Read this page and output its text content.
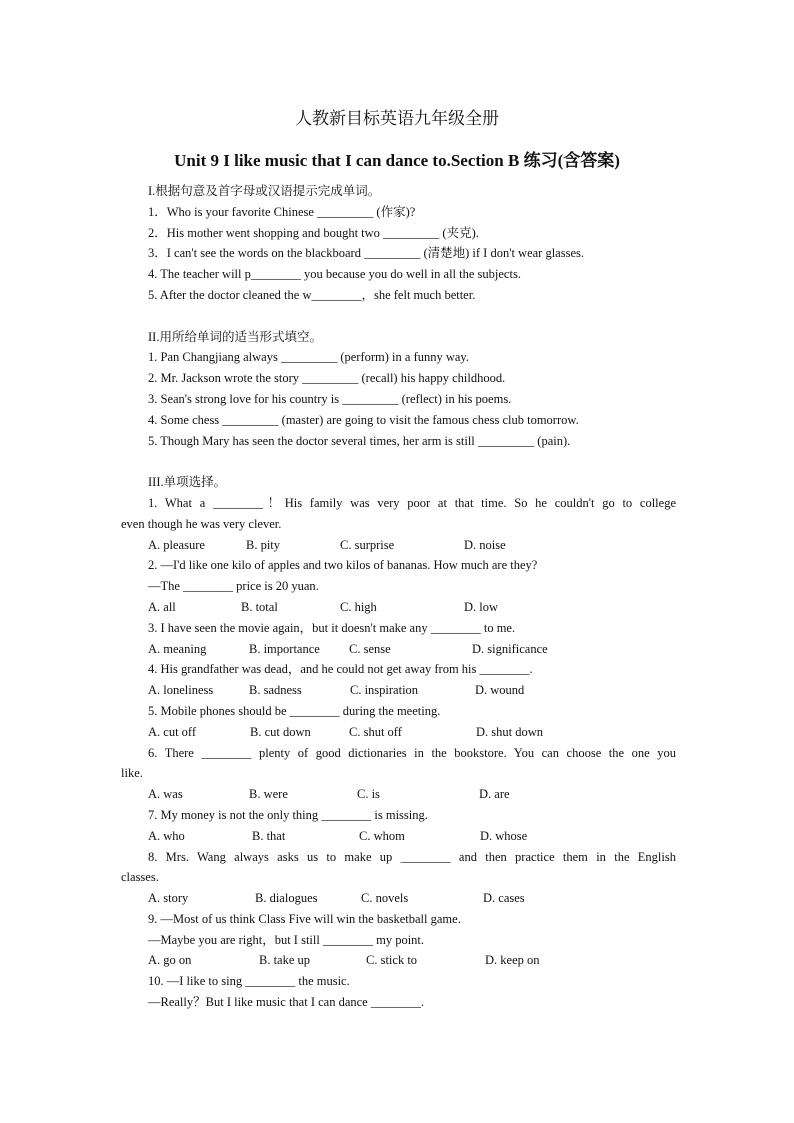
人教新目标英语九年级全册
Unit 9 I like music that I can dance to.Section B 练习(含答案)
I.根据句意及首字母或汉语提示完成单词。
1．Who is your favorite Chinese _________ (作家)?
2．His mother went shopping and bought two _________ (夹克).
3．I can't see the words on the blackboard _________ (清楚地) if I don't wear glasses.
4. The teacher will p________ you because you do well in all the subjects.
5. After the doctor cleaned the w________，she felt much better.
II.用所给单词的适当形式填空。
1. Pan Changjiang always _________ (perform) in a funny way.
2. Mr. Jackson wrote the story _________ (recall) his happy childhood.
3. Sean's strong love for his country is _________ (reflect) in his poems.
4. Some chess _________ (master) are going to visit the famous chess club tomorrow.
5. Though Mary has seen the doctor several times, her arm is still _________ (pain).
III.单项选择。
1. What a ________！His family was very poor at that time. So he couldn't go to college
even though he was very clever.
A. pleasure	B. pity	C. surprise	D. noise
2. —I'd like one kilo of apples and two kilos of bananas. How much are they?
—The ________ price is 20 yuan.
A. all	B. total	C. high	D. low
3. I have seen the movie again，but it doesn't make any ________ to me.
A. meaning	B. importance C. sense	D. significance
4. His grandfather was dead，and he could not get away from his ________.
A. loneliness	B. sadness	C. inspiration	D. wound
5. Mobile phones should be ________ during the meeting.
A. cut off	B. cut down	C. shut off	D. shut down
6. There ________ plenty of good dictionaries in the bookstore. You can choose the one you
like.
A. was	B. were	C. is	D. are
7. My money is not the only thing ________ is missing.
A. who	B. that	C. whom	D. whose
8. Mrs. Wang always asks us to make up ________ and then practice them in the English
classes.
A. story	B. dialogues	C. novels	D. cases
9. —Most of us think Class Five will win the basketball game.
—Maybe you are right，but I still ________ my point.
A. go on	B. take up	C. stick to	D. keep on
10. —I like to sing ________ the music.
—Really？But I like music that I can dance ________.
